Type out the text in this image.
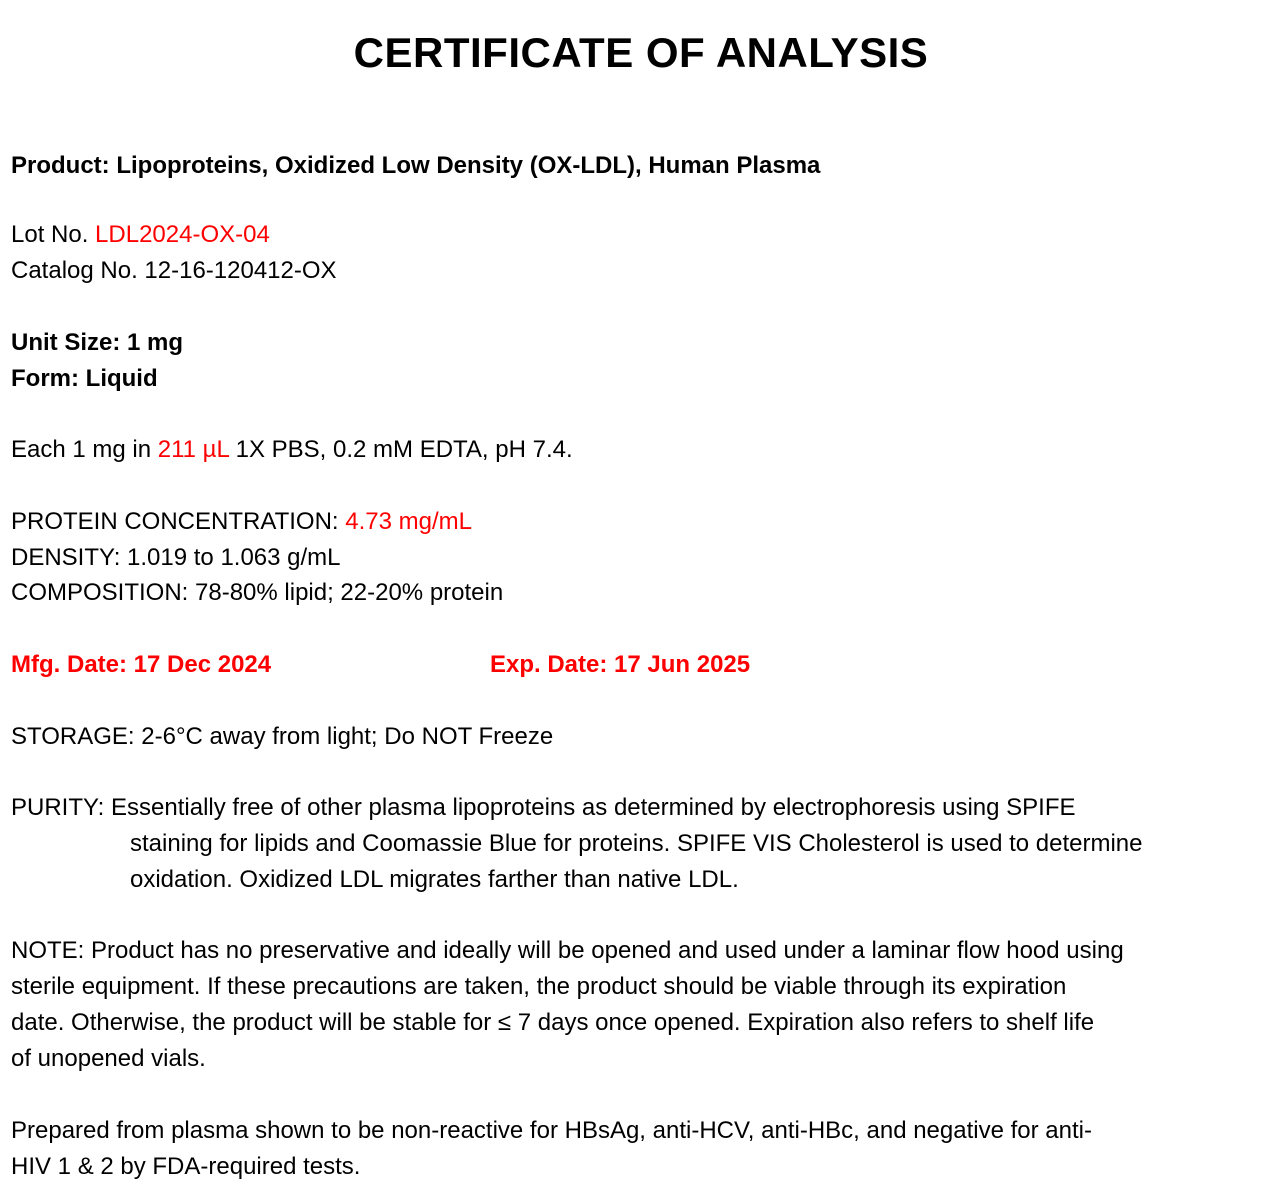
CERTIFICATE OF ANALYSIS
Product: Lipoproteins, Oxidized Low Density (OX-LDL), Human Plasma
Lot No. LDL2024-OX-04
Catalog No. 12-16-120412-OX
Unit Size: 1 mg
Form: Liquid
Each 1 mg in 211 µL 1X PBS, 0.2 mM EDTA, pH 7.4.
PROTEIN CONCENTRATION: 4.73 mg/mL
DENSITY: 1.019 to 1.063 g/mL
COMPOSITION: 78-80% lipid; 22-20% protein
Mfg. Date: 17 Dec 2024	Exp. Date: 17 Jun 2025
STORAGE: 2-6°C away from light; Do NOT Freeze
PURITY: Essentially free of other plasma lipoproteins as determined by electrophoresis using SPIFE
staining for lipids and Coomassie Blue for proteins. SPIFE VIS Cholesterol is used to determine
oxidation. Oxidized LDL migrates farther than native LDL.
NOTE: Product has no preservative and ideally will be opened and used under a laminar flow hood using
sterile equipment. If these precautions are taken, the product should be viable through its expiration
date. Otherwise, the product will be stable for ≤ 7 days once opened. Expiration also refers to shelf life
of unopened vials.
Prepared from plasma shown to be non-reactive for HBsAg, anti-HCV, anti-HBc, and negative for anti-
HIV 1 & 2 by FDA-required tests.
